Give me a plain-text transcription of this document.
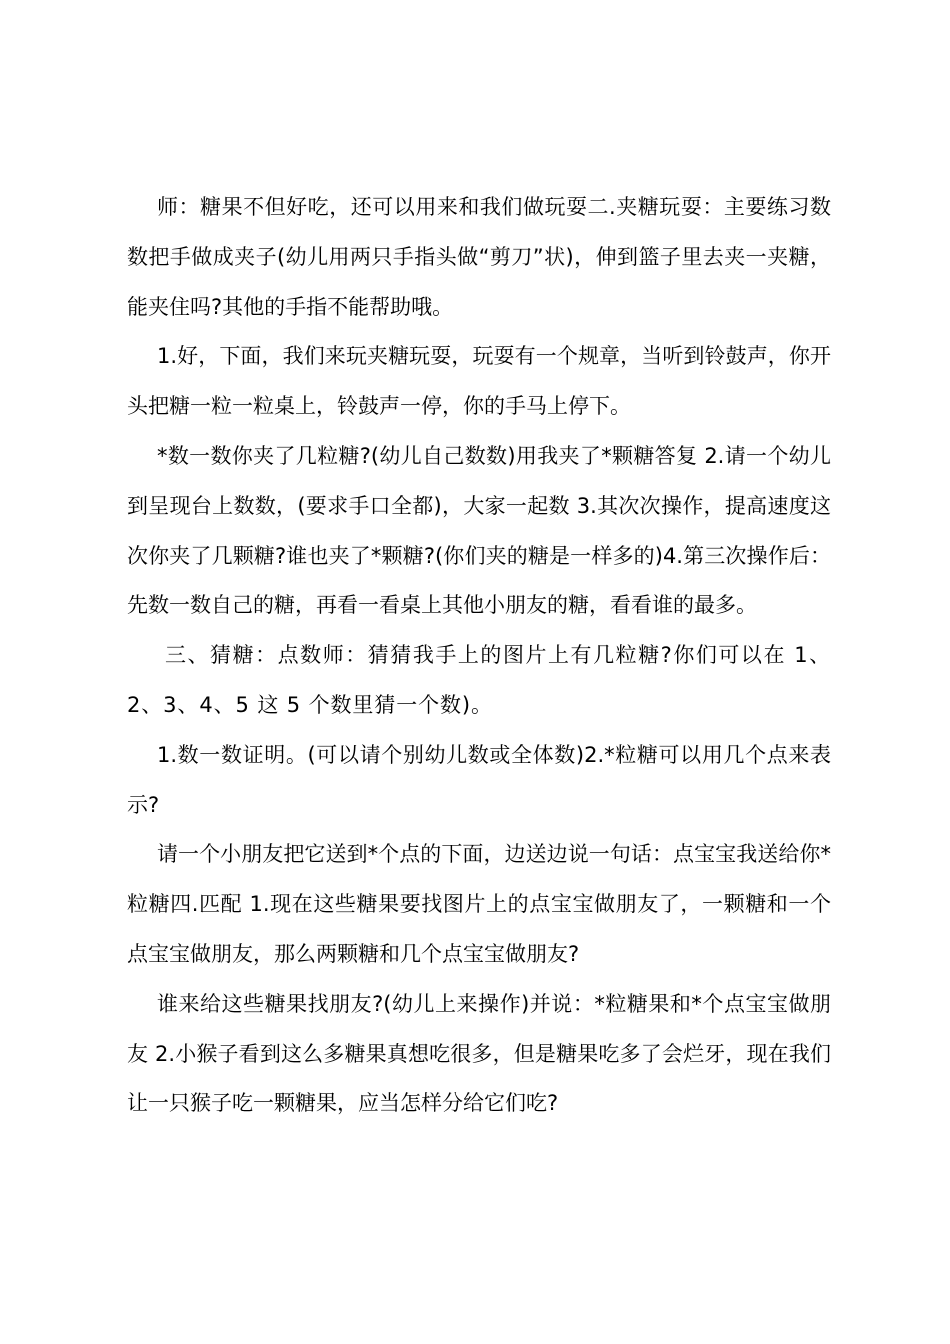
师：糖果不但好吃，还可以用来和我们做玩耍二.夹糖玩耍：主要练习数数把手做成夹子(幼儿用两只手指头做“剪刀”状)，伸到篮子里去夹一夹糖，能夹住吗?其他的手指不能帮助哦。

1.好，下面，我们来玩夹糖玩耍，玩耍有一个规章，当听到铃鼓声，你开头把糖一粒一粒桌上，铃鼓声一停，你的手马上停下。

*数一数你夹了几粒糖?(幼儿自己数数)用我夹了*颗糖答复 2.请一个幼儿到呈现台上数数，(要求手口全都)，大家一起数 3.其次次操作，提高速度这次你夹了几颗糖?谁也夹了*颗糖?(你们夹的糖是一样多的)4.第三次操作后：先数一数自己的糖，再看一看桌上其他小朋友的糖，看看谁的最多。

三、猜糖：点数师：猜猜我手上的图片上有几粒糖?你们可以在 1、2、3、4、5 这 5 个数里猜一个数)。

1.数一数证明。(可以请个别幼儿数或全体数)2.*粒糖可以用几个点来表示?

请一个小朋友把它送到*个点的下面，边送边说一句话：点宝宝我送给你*粒糖四.匹配 1.现在这些糖果要找图片上的点宝宝做朋友了，一颗糖和一个点宝宝做朋友，那么两颗糖和几个点宝宝做朋友?

谁来给这些糖果找朋友?(幼儿上来操作)并说：*粒糖果和*个点宝宝做朋友 2.小猴子看到这么多糖果真想吃很多，但是糖果吃多了会烂牙，现在我们让一只猴子吃一颗糖果，应当怎样分给它们吃?
